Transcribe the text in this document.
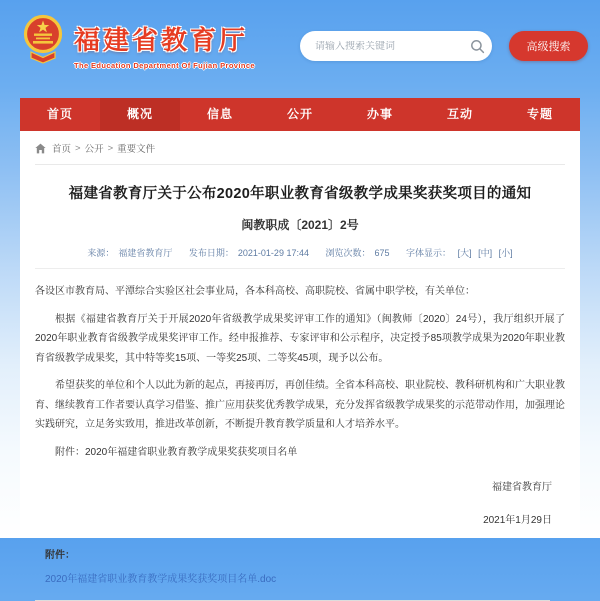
福建省教育厅
The Education Department Of Fujian Province
请输入搜索关键词
高级搜索
首页	概况	信息	公开	办事	互动	专题
首页 > 公开 > 重要文件
福建省教育厅关于公布2020年职业教育省级教学成果奖获奖项目的通知
闽教职成〔2021〕2号
来源： 福建省教育厅 发布日期： 2021-01-29 17:44 浏览次数： 675 字体显示： [大] [中] [小]

各设区市教育局、平潭综合实验区社会事业局，各本科高校、高职院校、省属中职学校，有关单位：

根据《福建省教育厅关于开展2020年省级教学成果奖评审工作的通知》（闽教师〔2020〕24号），我厅组织开展了2020年职业教育省级教学成果奖评审工作。经申报推荐、专家评审和公示程序，决定授予85项教学成果为2020年职业教育省级教学成果奖，其中特等奖15项、一等奖25项、二等奖45项，现予以公布。

希望获奖的单位和个人以此为新的起点，再接再厉，再创佳绩。全省本科高校、职业院校、教科研机构和广大职业教育、继续教育工作者要认真学习借鉴、推广应用获奖优秀教学成果，充分发挥省级教学成果奖的示范带动作用，加强理论实践研究，立足务实致用，推进改革创新，不断提升教育教学质量和人才培养水平。

附件：2020年福建省职业教育教学成果奖获奖项目名单

福建省教育厅
2021年1月29日
附件：
2020年福建省职业教育教学成果奖获奖项目名单.doc
